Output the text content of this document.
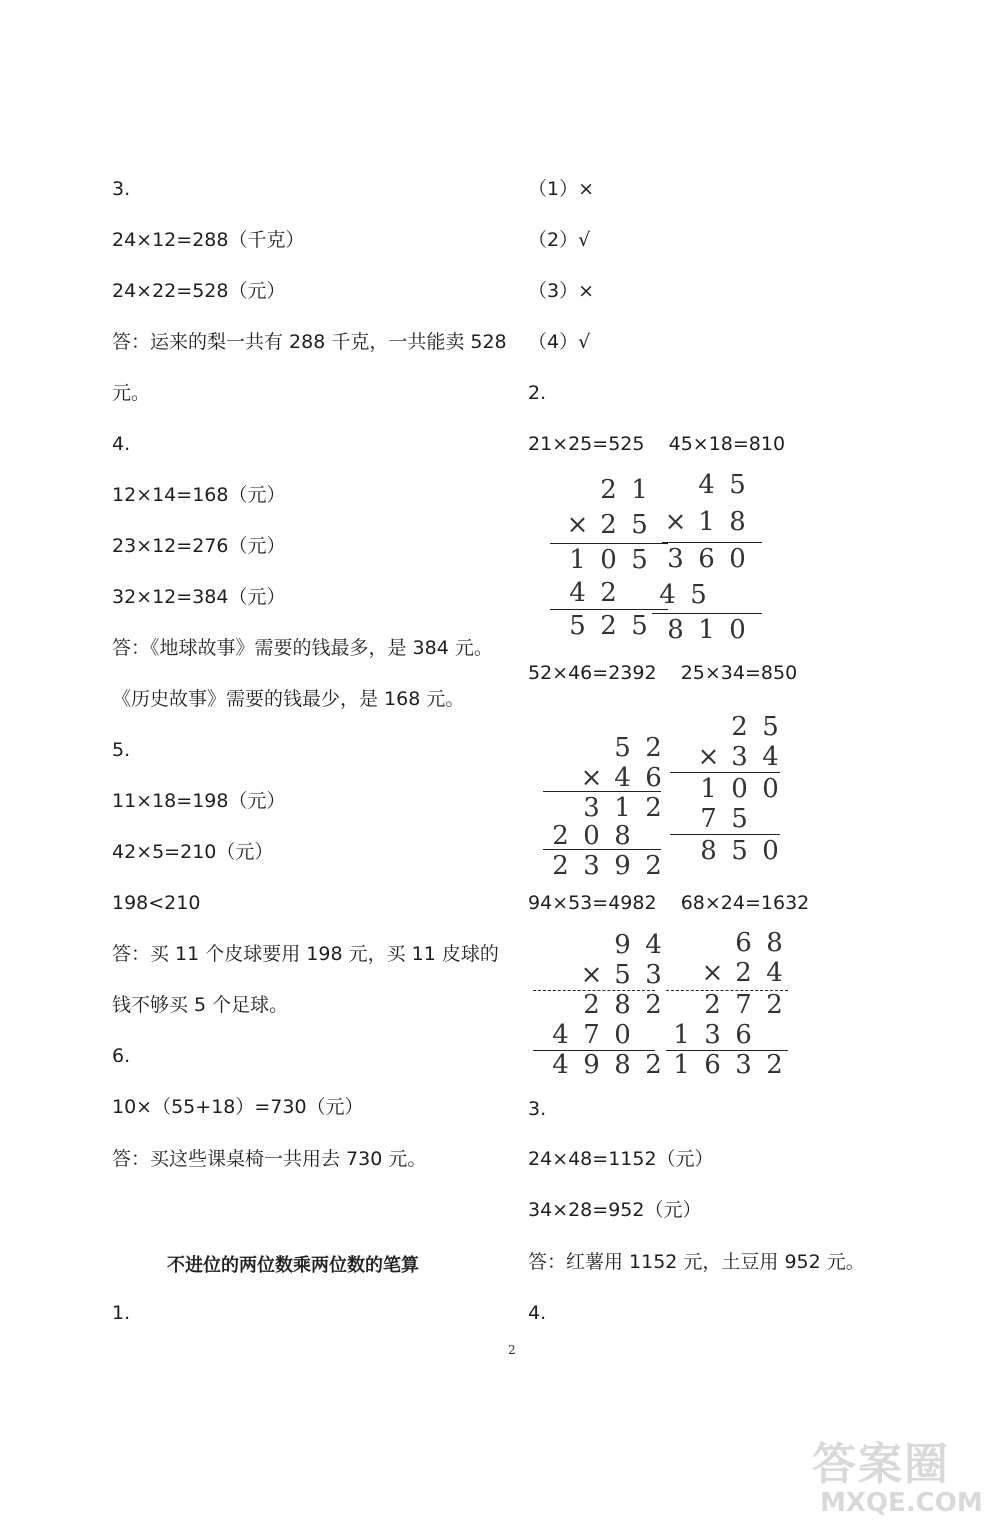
3.
24×12=288（千克）
24×22=528（元）
答：运来的梨一共有 288 千克，一共能卖 528
元。
4.
12×14=168（元）
23×12=276（元）
32×12=384（元）
答：《地球故事》需要的钱最多，是 384 元。
《历史故事》需要的钱最少，是 168 元。
5.
11×18=198（元）
42×5=210（元）
198<210
答：买 11 个皮球要用 198 元，买 11 皮球的
钱不够买 5 个足球。
6.
10×（55+18）=730（元）
答：买这些课桌椅一共用去 730 元。
不进位的两位数乘两位数的笔算
1.
（1）×
（2）√
（3）×
（4）√
2.
21×25=525    45×18=810
52×46=2392    25×34=850
94×53=4982    68×24=1632
2 1
× 2 5
1 0 5
4 2
5 2 5
4 5
× 1 8
3 6 0
4 5
8 1 0
5 2
× 4 6
3 1 2
2 0 8
2 3 9 2
2 5
× 3 4
1 0 0
7 5
8 5 0
9 4
× 5 3
2 8 2
4 7 0
4 9 8 2
6 8
× 2 4
2 7 2
1 3 6
1 6 3 2
3.
24×48=1152（元）
34×28=952（元）
答：红薯用 1152 元，土豆用 952 元。
4.
2
答案圈
MXQE.COM
